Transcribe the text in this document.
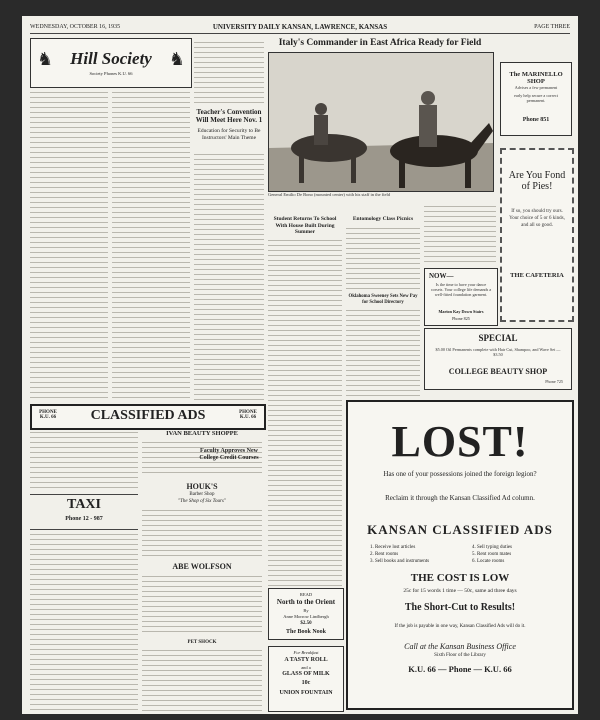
WEDNESDAY, OCTOBER 16, 1935	UNIVERSITY DAILY KANSAN, LAWRENCE, KANSAS	PAGE THREE
♞	♞
Hill Society
Society Phones K.U. 66
Italy's Commander in East Africa Ready for Field
General Emilio De Bono (mounted center) with his staff in the field
The MARINELLO SHOP
Advises a few permanent
early help secure a correct permanent.
Phone 851
Are You Fond of Pies!
If so, you should try ours. Your choice of 5 or 6 kinds, and all so good.
THE CAFETERIA
Teacher's Convention Will Meet Here Nov. 1
Education for Security to Be Instructors' Main Theme
Student Returns To School With House Built During Summer
Entomology Class Picnics
Oklahoma Sweeney Sets New Pay for School Directory
NOW—
Is the time to have your dance corsets. Your college life demands a well-fitted foundation garment.
Marion Kay Down Stairs
Phone 825
SPECIAL
$5.00 Oil Permanents complete with Hair Cut, Shampoo, and Wave Set — $3.50
COLLEGE BEAUTY SHOP
Phone 725
PHONE K.U. 66	CLASSIFIED ADS	PHONE K.U. 66
TAXI
Phone 12 - 987
IVAN BEAUTY SHOPPE
HOUK'S
Barber Shop
"The Shop of Six Tours"
ABE WOLFSON
PET SHOCK
Faculty Approves New College Credit Courses
READ
North to the Orient
By
Anne Morrow Lindbergh
$2.50
The Book Nook
For Breakfast
A TASTY ROLL
and a
GLASS OF MILK
10c
UNION FOUNTAIN
LOST!
Has one of your possessions joined the foreign legion?
Reclaim it through the Kansan Classified Ad column.
KANSAN CLASSIFIED ADS
1. Receive lost articles
2. Rent rooms
3. Sell books and instruments
4. Sell typing duties
5. Rent room mates
6. Locate rooms
THE COST IS LOW
25c for 15 words 1 time — 50c, same ad three days
The Short-Cut to Results!
If the job is payable in one way, Kansan Classified Ads will do it.
Call at the Kansan Business Office
Sixth Floor of the Library
K.U. 66 — Phone — K.U. 66
